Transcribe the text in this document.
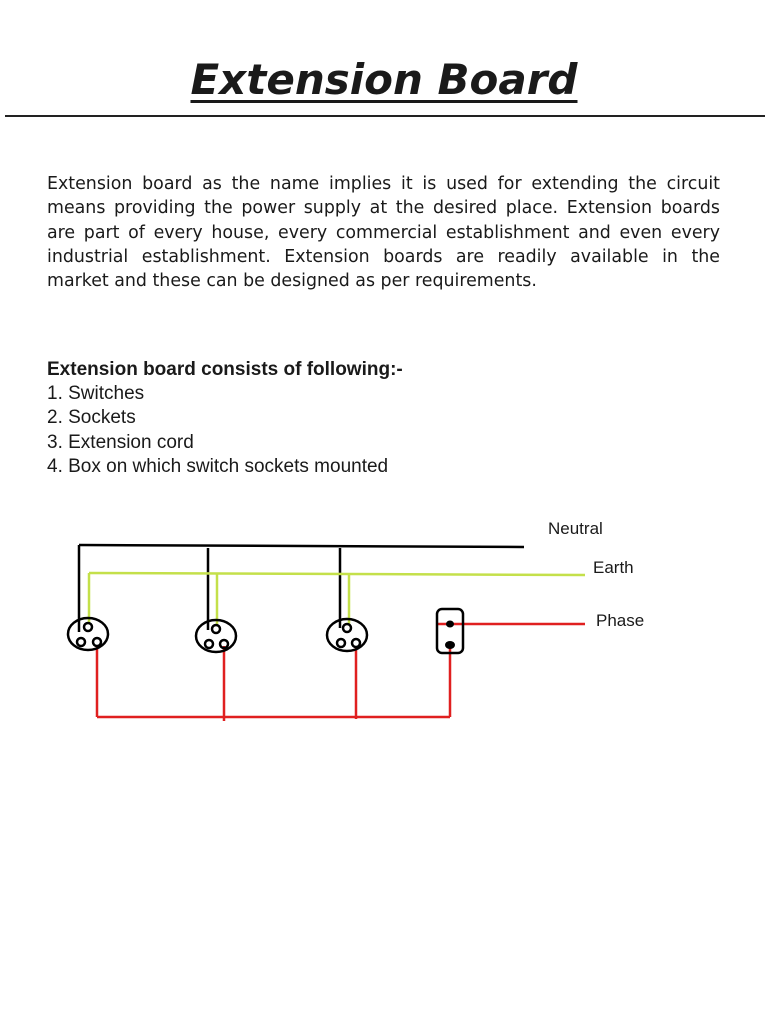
Extension Board

Extension board as the name implies it is used for extending the circuit means providing the power supply at the desired place. Extension boards are part of every house, every commercial establishment and even every industrial establishment. Extension boards are readily available in the market and these can be designed as per requirements.

Extension board consists of following:-

1. Switches
2. Sockets
3. Extension cord
4. Box on which switch sockets mounted
Neutral
Earth
Phase
